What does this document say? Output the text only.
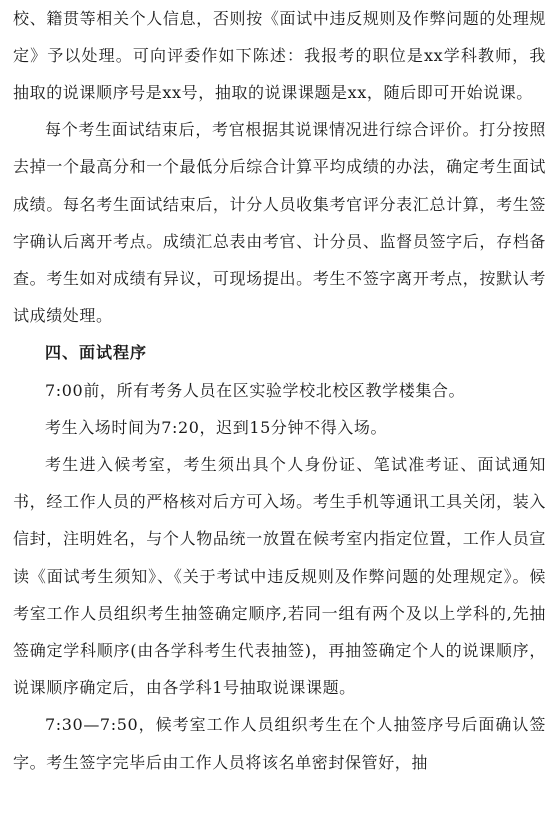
校、籍贯等相关个人信息，否则按《面试中违反规则及作弊问题的处理规定》予以处理。可向评委作如下陈述：我报考的职位是xx学科教师，我抽取的说课顺序号是xx号，抽取的说课课题是xx，随后即可开始说课。

每个考生面试结束后，考官根据其说课情况进行综合评价。打分按照去掉一个最高分和一个最低分后综合计算平均成绩的办法，确定考生面试成绩。每名考生面试结束后，计分人员收集考官评分表汇总计算，考生签字确认后离开考点。成绩汇总表由考官、计分员、监督员签字后，存档备查。考生如对成绩有异议，可现场提出。考生不签字离开考点，按默认考试成绩处理。

四、面试程序

7:00前，所有考务人员在区实验学校北校区教学楼集合。

考生入场时间为7:20，迟到15分钟不得入场。

考生进入候考室，考生须出具个人身份证、笔试准考证、面试通知书，经工作人员的严格核对后方可入场。考生手机等通讯工具关闭，装入信封，注明姓名，与个人物品统一放置在候考室内指定位置，工作人员宣读《面试考生须知》、《关于考试中违反规则及作弊问题的处理规定》。候考室工作人员组织考生抽签确定顺序,若同一组有两个及以上学科的,先抽签确定学科顺序(由各学科考生代表抽签)，再抽签确定个人的说课顺序，说课顺序确定后，由各学科1号抽取说课课题。

7:30—7:50，候考室工作人员组织考生在个人抽签序号后面确认签字。考生签字完毕后由工作人员将该名单密封保管好，抽
